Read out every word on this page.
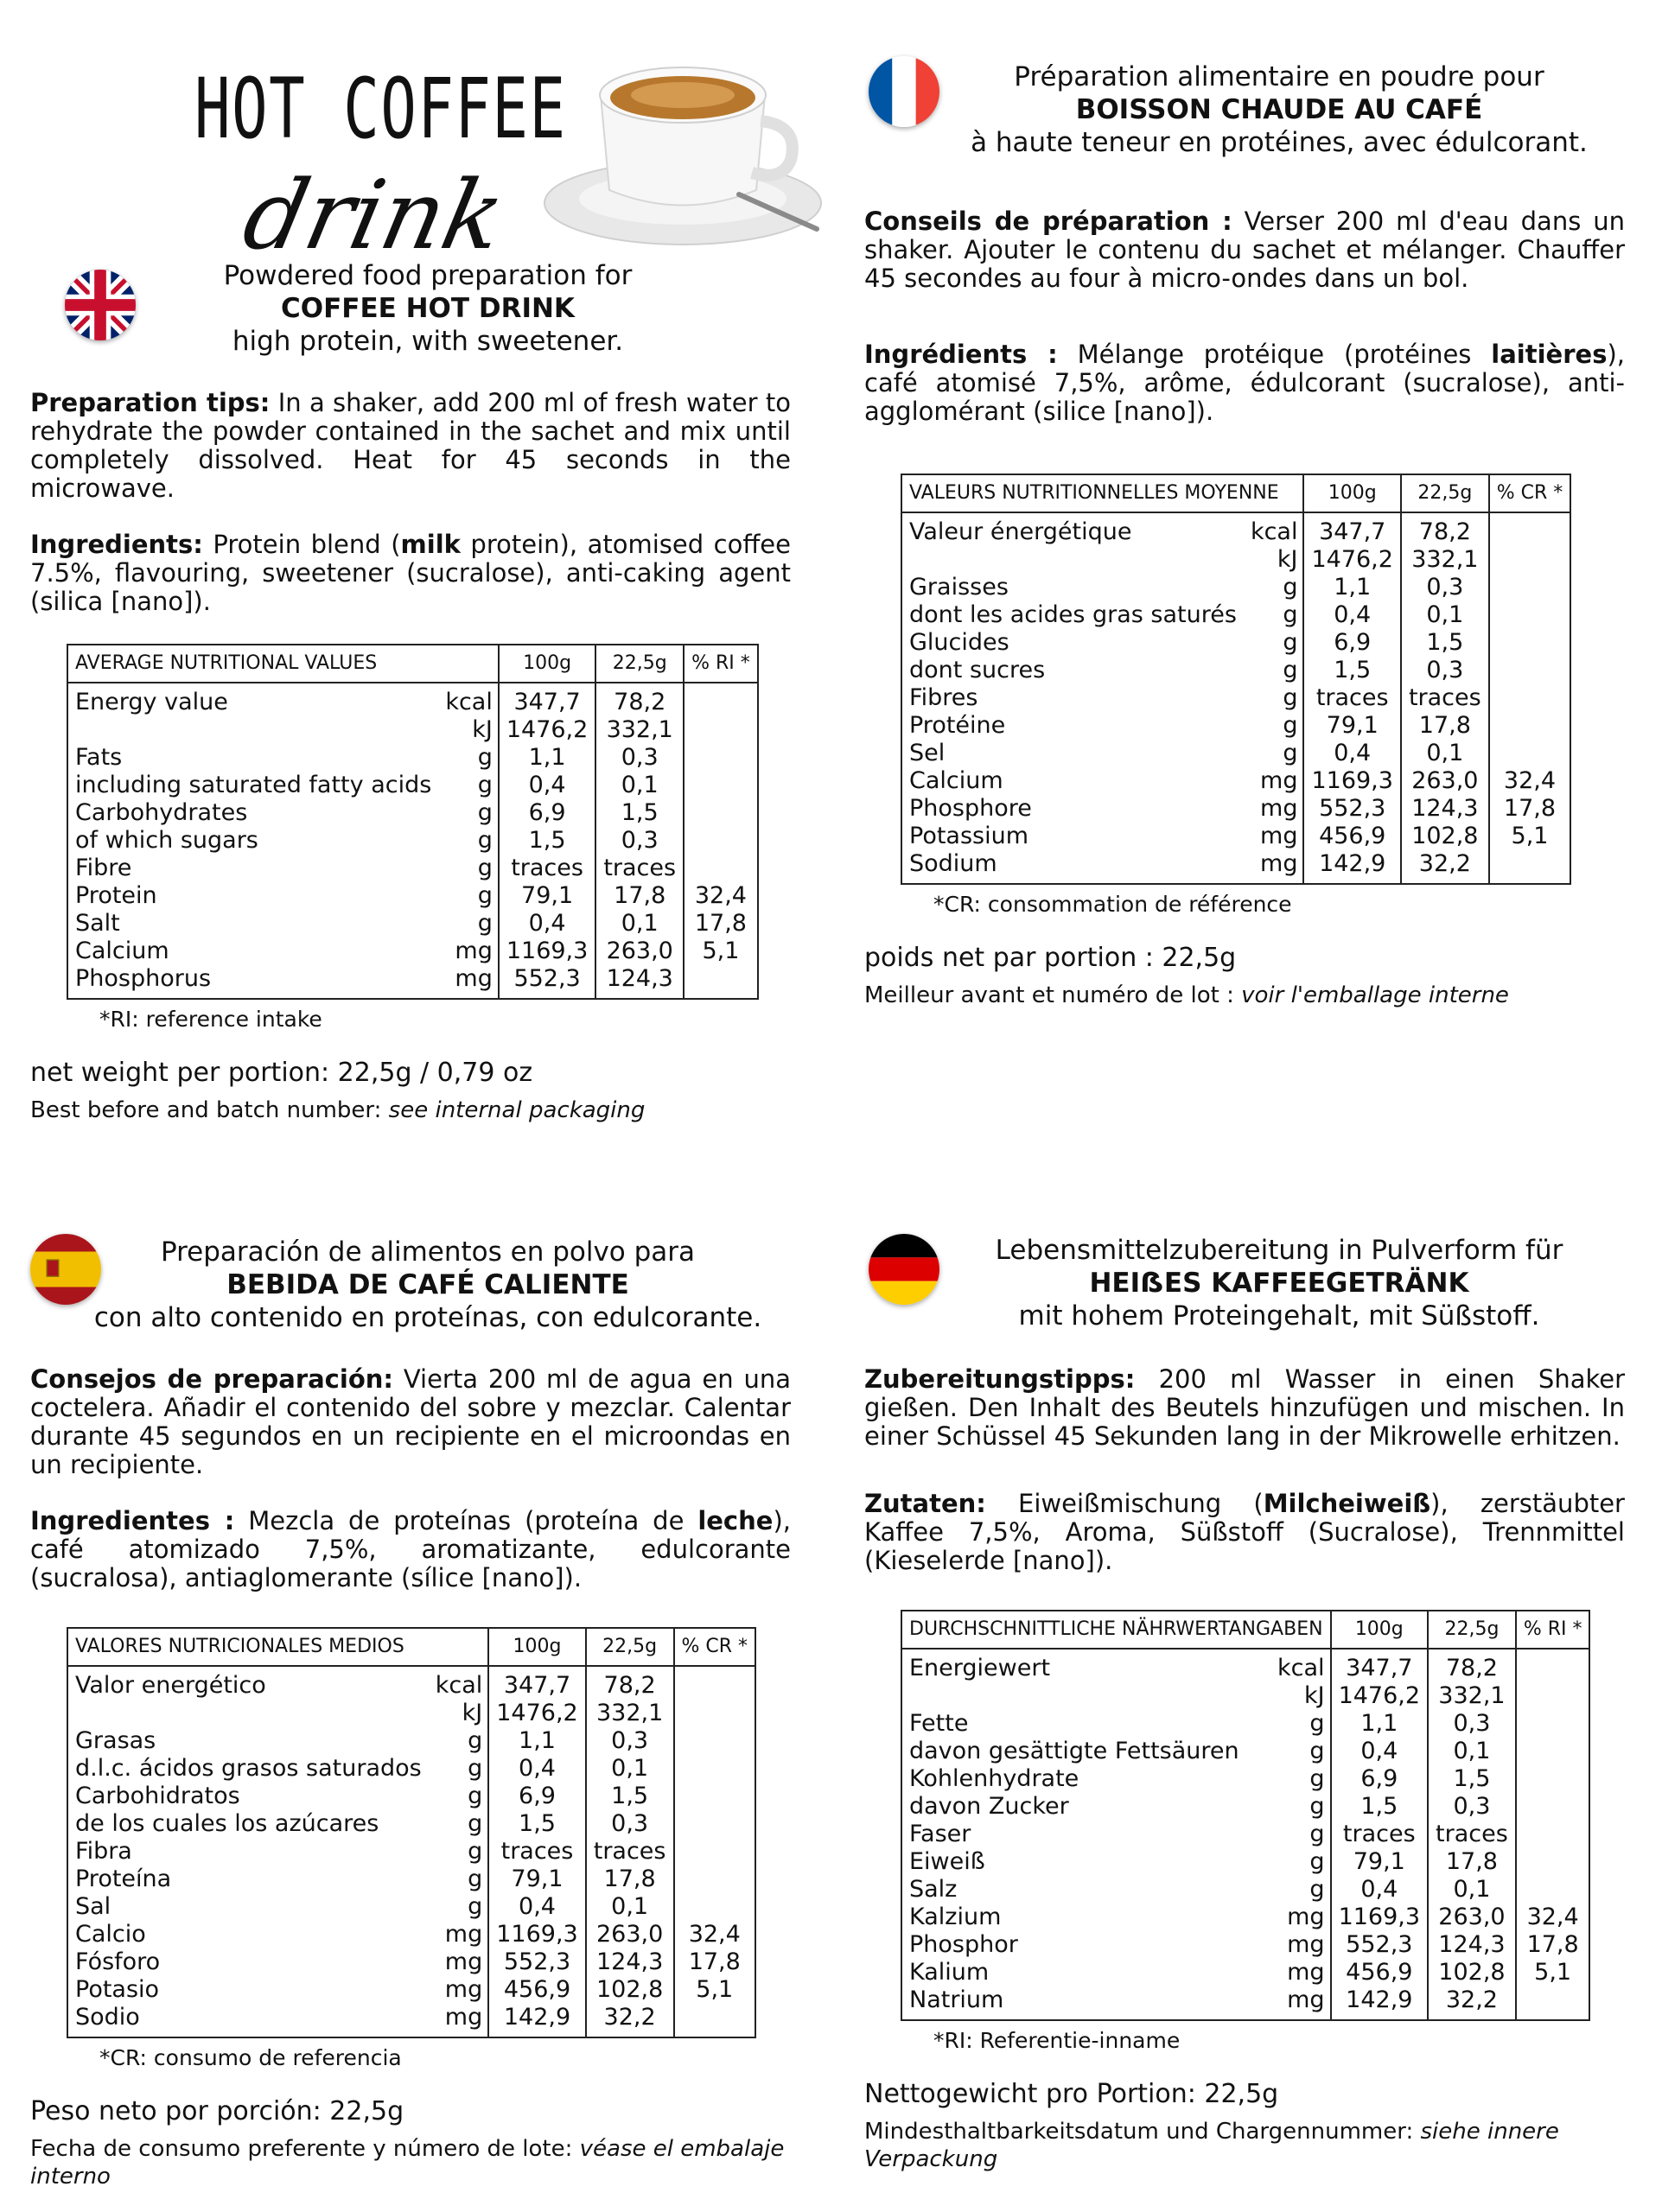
HOT COFFEE
drink
Powdered food preparation for
COFFEE HOT DRINK
high protein, with sweetener.

Preparation tips: In a shaker, add 200 ml of fresh water to rehydrate the powder contained in the sachet and mix until completely dissolved. Heat for 45 seconds in the microwave.

Ingredients: Protein blend (milk protein), atomised coffee 7.5%, flavouring, sweetener (sucralose), anti-caking agent (silica [nano]).

AVERAGE NUTRITIONAL VALUES		100g	22,5g	% RI *
Energy value	kcal	347,7	78,2	
	kJ	1476,2	332,1	
Fats	g	1,1	0,3	
including saturated fatty acids	g	0,4	0,1	
Carbohydrates	g	6,9	1,5	
of which sugars	g	1,5	0,3	
Fibre	g	traces	traces	
Protein	g	79,1	17,8	32,4
Salt	g	0,4	0,1	17,8
Calcium	mg	1169,3	263,0	5,1
Phosphorus	mg	552,3	124,3	
*RI: reference intake
net weight per portion: 22,5g / 0,79 oz
Best before and batch number: see internal packaging
Préparation alimentaire en poudre pour
BOISSON CHAUDE AU CAFÉ
à haute teneur en protéines, avec édulcorant.

Conseils de préparation : Verser 200 ml d'eau dans un shaker. Ajouter le contenu du sachet et mélanger. Chauffer 45 secondes au four à micro-ondes dans un bol.

Ingrédients : Mélange protéique (protéines laitières), café atomisé 7,5%, arôme, édulcorant (sucralose), anti-agglomérant (silice [nano]).

VALEURS NUTRITIONNELLES MOYENNE		100g	22,5g	% CR *
Valeur énergétique	kcal	347,7	78,2	
	kJ	1476,2	332,1	
Graisses	g	1,1	0,3	
dont les acides gras saturés	g	0,4	0,1	
Glucides	g	6,9	1,5	
dont sucres	g	1,5	0,3	
Fibres	g	traces	traces	
Protéine	g	79,1	17,8	
Sel	g	0,4	0,1	
Calcium	mg	1169,3	263,0	32,4
Phosphore	mg	552,3	124,3	17,8
Potassium	mg	456,9	102,8	5,1
Sodium	mg	142,9	32,2	
*CR: consommation de référence
poids net par portion : 22,5g
Meilleur avant et numéro de lot : voir l'emballage interne
Preparación de alimentos en polvo para
BEBIDA DE CAFÉ CALIENTE
con alto contenido en proteínas, con edulcorante.

Consejos de preparación: Vierta 200 ml de agua en una coctelera. Añadir el contenido del sobre y mezclar. Calentar durante 45 segundos en un recipiente en el microondas en un recipiente.

Ingredientes : Mezcla de proteínas (proteína de leche), café atomizado 7,5%, aromatizante, edulcorante (sucralosa), antiaglomerante (sílice [nano]).

VALORES NUTRICIONALES MEDIOS		100g	22,5g	% CR *
Valor energético	kcal	347,7	78,2	
	kJ	1476,2	332,1	
Grasas	g	1,1	0,3	
d.l.c. ácidos grasos saturados	g	0,4	0,1	
Carbohidratos	g	6,9	1,5	
de los cuales los azúcares	g	1,5	0,3	
Fibra	g	traces	traces	
Proteína	g	79,1	17,8	
Sal	g	0,4	0,1	
Calcio	mg	1169,3	263,0	32,4
Fósforo	mg	552,3	124,3	17,8
Potasio	mg	456,9	102,8	5,1
Sodio	mg	142,9	32,2	
*CR: consumo de referencia
Peso neto por porción: 22,5g
Fecha de consumo preferente y número de lote: véase el embalaje interno
Lebensmittelzubereitung in Pulverform für
HEIẞES KAFFEEGETRÄNK
mit hohem Proteingehalt, mit Süßstoff.

Zubereitungstipps: 200 ml Wasser in einen Shaker gießen. Den Inhalt des Beutels hinzufügen und mischen. In einer Schüssel 45 Sekunden lang in der Mikrowelle erhitzen.

Zutaten: Eiweißmischung (Milcheiweiß), zerstäubter Kaffee 7,5%, Aroma, Süßstoff (Sucralose), Trennmittel (Kieselerde [nano]).

DURCHSCHNITTLICHE NÄHRWERTANGABEN		100g	22,5g	% RI *
Energiewert	kcal	347,7	78,2	
	kJ	1476,2	332,1	
Fette	g	1,1	0,3	
davon gesättigte Fettsäuren	g	0,4	0,1	
Kohlenhydrate	g	6,9	1,5	
davon Zucker	g	1,5	0,3	
Faser	g	traces	traces	
Eiweiß	g	79,1	17,8	
Salz	g	0,4	0,1	
Kalzium	mg	1169,3	263,0	32,4
Phosphor	mg	552,3	124,3	17,8
Kalium	mg	456,9	102,8	5,1
Natrium	mg	142,9	32,2	
*RI: Referentie-inname
Nettogewicht pro Portion: 22,5g
Mindesthaltbarkeitsdatum und Chargennummer: siehe innere Verpackung
